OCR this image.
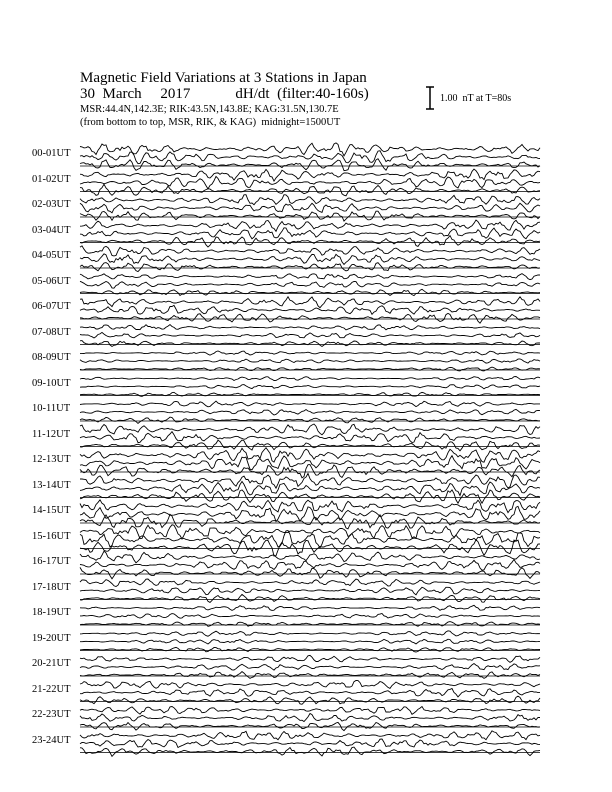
Magnetic Field Variations at 3 Stations in Japan
30  March     2017            dH/dt  (filter:40-160s)
MSR:44.4N,142.3E; RIK:43.5N,143.8E; KAG:31.5N,130.7E
(from bottom to top, MSR, RIK, & KAG)  midnight=1500UT
1.00  nT at T=80s
00-01UT
01-02UT
02-03UT
03-04UT
04-05UT
05-06UT
06-07UT
07-08UT
08-09UT
09-10UT
10-11UT
11-12UT
12-13UT
13-14UT
14-15UT
15-16UT
16-17UT
17-18UT
18-19UT
19-20UT
20-21UT
21-22UT
22-23UT
23-24UT
